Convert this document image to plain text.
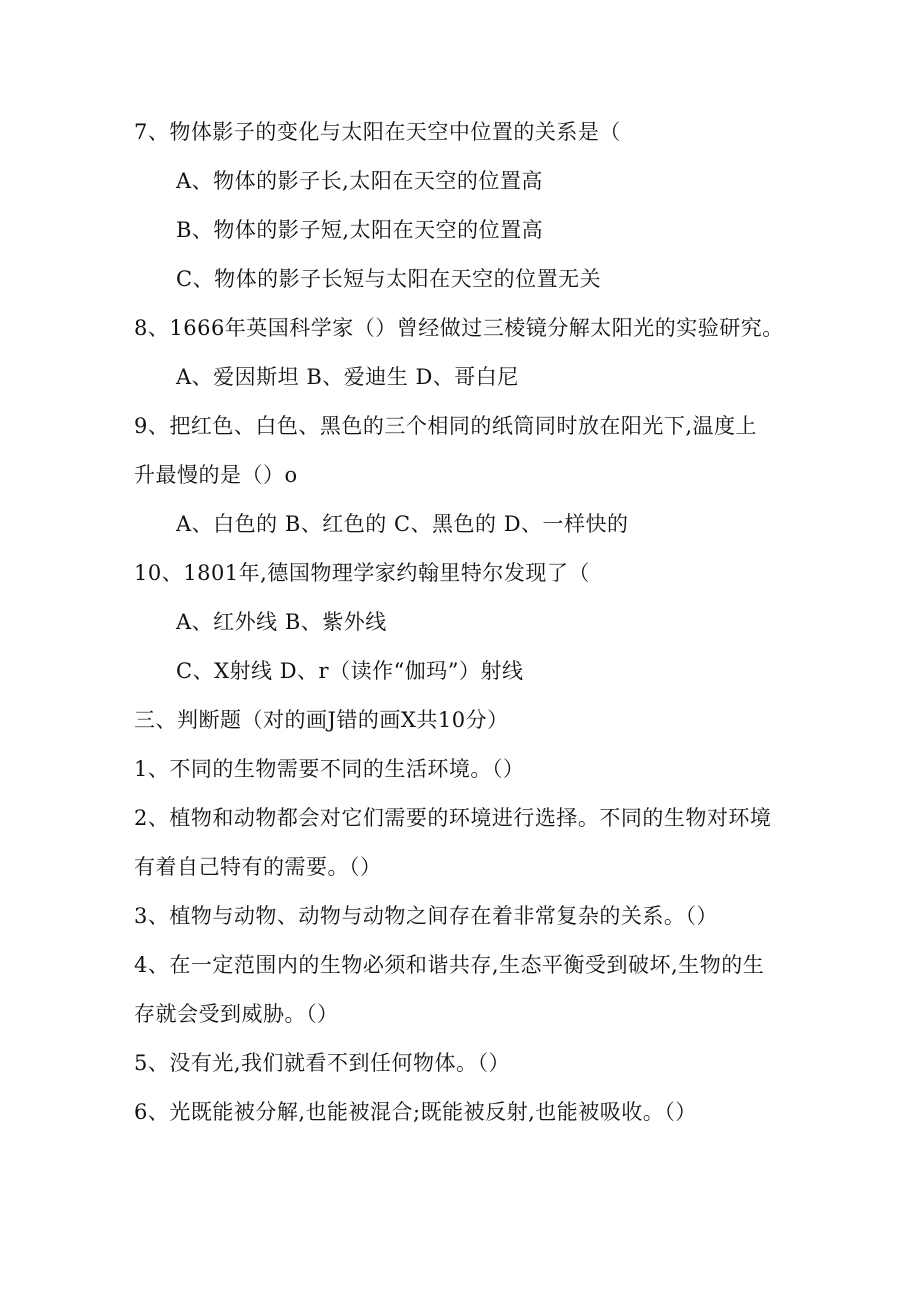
7、物体影子的变化与太阳在天空中位置的关系是（
A、物体的影子长,太阳在天空的位置高
B、物体的影子短,太阳在天空的位置高
C、物体的影子长短与太阳在天空的位置无关
8、1666年英国科学家（）曾经做过三棱镜分解太阳光的实验研究。
A、爱因斯坦 B、爱迪生 D、哥白尼
9、把红色、白色、黑色的三个相同的纸筒同时放在阳光下,温度上
升最慢的是（）o
A、白色的 B、红色的 C、黑色的 D、一样快的
10、1801年,德国物理学家约翰里特尔发现了（
A、红外线 B、紫外线
C、X射线 D、r（读作“伽玛”）射线
三、判断题（对的画J错的画X共10分）
1、不同的生物需要不同的生活环境。（）
2、植物和动物都会对它们需要的环境进行选择。不同的生物对环境
有着自己特有的需要。（）
3、植物与动物、动物与动物之间存在着非常复杂的关系。（）
4、在一定范围内的生物必须和谐共存,生态平衡受到破坏,生物的生
存就会受到威胁。（）
5、没有光,我们就看不到任何物体。（）
6、光既能被分解,也能被混合;既能被反射,也能被吸收。（）
